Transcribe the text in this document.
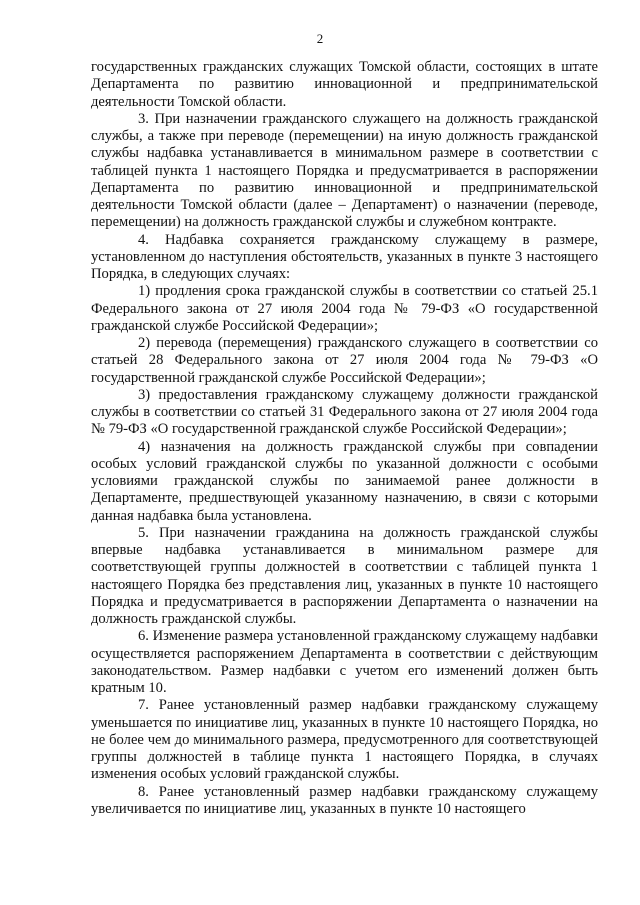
2

государственных гражданских служащих Томской области, состоящих в штате Департамента по развитию инновационной и предпринимательской деятельности Томской области.

3. При назначении гражданского служащего на должность гражданской службы, а также при переводе (перемещении) на иную должность гражданской службы надбавка устанавливается в минимальном размере в соответствии с таблицей пункта 1 настоящего Порядка и предусматривается в распоряжении Департамента по развитию инновационной и предпринимательской деятельности Томской области (далее – Департамент) о назначении (переводе, перемещении) на должность гражданской службы и служебном контракте.

4. Надбавка сохраняется гражданскому служащему в размере, установленном до наступления обстоятельств, указанных в пункте 3 настоящего Порядка, в следующих случаях:

1) продления срока гражданской службы в соответствии со статьей 25.1 Федерального закона от 27 июля 2004 года № 79-ФЗ «О государственной гражданской службе Российской Федерации»;

2) перевода (перемещения) гражданского служащего в соответствии со статьей 28 Федерального закона от 27 июля 2004 года № 79-ФЗ «О государственной гражданской службе Российской Федерации»;

3) предоставления гражданскому служащему должности гражданской службы в соответствии со статьей 31 Федерального закона от 27 июля 2004 года № 79-ФЗ «О государственной гражданской службе Российской Федерации»;

4) назначения на должность гражданской службы при совпадении особых условий гражданской службы по указанной должности с особыми условиями гражданской службы по занимаемой ранее должности в Департаменте, предшествующей указанному назначению, в связи с которыми данная надбавка была установлена.

5. При назначении гражданина на должность гражданской службы впервые надбавка устанавливается в минимальном размере для соответствующей группы должностей в соответствии с таблицей пункта 1 настоящего Порядка без представления лиц, указанных в пункте 10 настоящего Порядка и предусматривается в распоряжении Департамента о назначении на должность гражданской службы.

6. Изменение размера установленной гражданскому служащему надбавки осуществляется распоряжением Департамента в соответствии с действующим законодательством. Размер надбавки с учетом его изменений должен быть кратным 10.

7. Ранее установленный размер надбавки гражданскому служащему уменьшается по инициативе лиц, указанных в пункте 10 настоящего Порядка, но не более чем до минимального размера, предусмотренного для соответствующей группы должностей в таблице пункта 1 настоящего Порядка, в случаях изменения особых условий гражданской службы.

8. Ранее установленный размер надбавки гражданскому служащему увеличивается по инициативе лиц, указанных в пункте 10 настоящего
